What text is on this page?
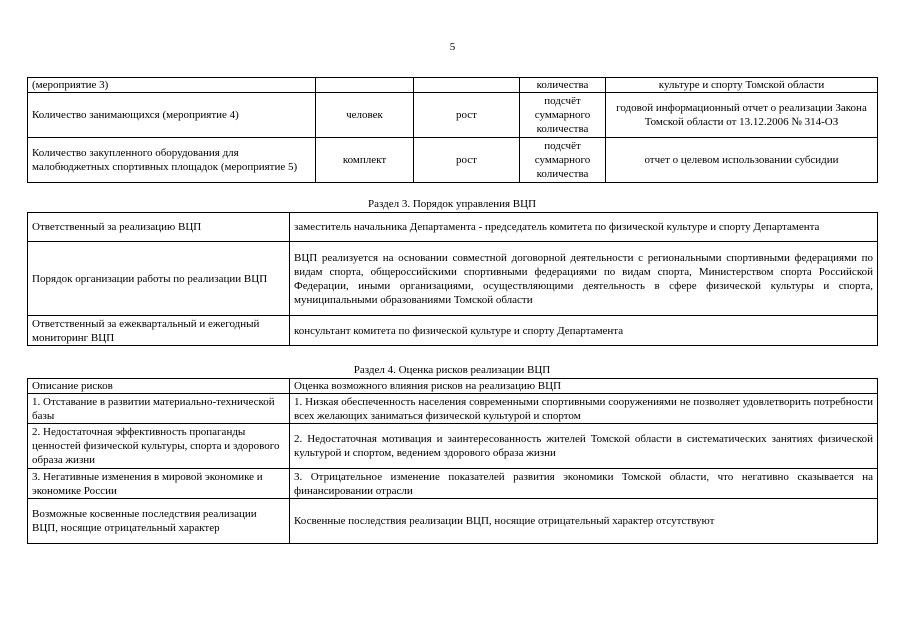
5
(мероприятие 3)			количества	культуре и спорту Томской области
Количество занимающихся (мероприятие 4)	человек	рост	подсчёт суммарного количества	годовой информационный отчет о реализации Закона Томской области от 13.12.2006 № 314-ОЗ
Количество закупленного оборудования для малобюджетных спортивных площадок (мероприятие 5)	комплект	рост	подсчёт суммарного количества	отчет о целевом использовании субсидии
Раздел 3. Порядок управления ВЦП
Ответственный за реализацию ВЦП	заместитель начальника Департамента - председатель комитета по физической культуре и спорту Департамента
Порядок организации работы по реализации ВЦП	ВЦП реализуется на основании совместной договорной деятельности с региональными спортивными федерациями по видам спорта, общероссийскими спортивными федерациями по видам спорта, Министерством спорта Российской Федерации, иными организациями, осуществляющими деятельность в сфере физической культуры и спорта, муниципальными образованиями Томской области
Ответственный за ежеквартальный и ежегодный мониторинг ВЦП	консультант комитета по физической культуре и спорту Департамента
Раздел 4. Оценка рисков реализации ВЦП
Описание рисков	Оценка возможного влияния рисков на реализацию ВЦП
1. Отставание в развитии материально-технической базы	1. Низкая обеспеченность населения современными спортивными сооружениями не позволяет удовлетворить потребности всех желающих заниматься физической культурой и спортом
2. Недостаточная эффективность пропаганды ценностей физической культуры, спорта и здорового образа жизни	2. Недостаточная мотивация и заинтересованность жителей Томской области в систематических занятиях физической культурой и спортом, ведением здорового образа жизни
3. Негативные изменения в мировой экономике и экономике России	3. Отрицательное изменение показателей развития экономики Томской области, что негативно сказывается на финансировании отрасли
Возможные косвенные последствия реализации ВЦП, носящие отрицательный характер	Косвенные последствия реализации ВЦП, носящие отрицательный характер отсутствуют
